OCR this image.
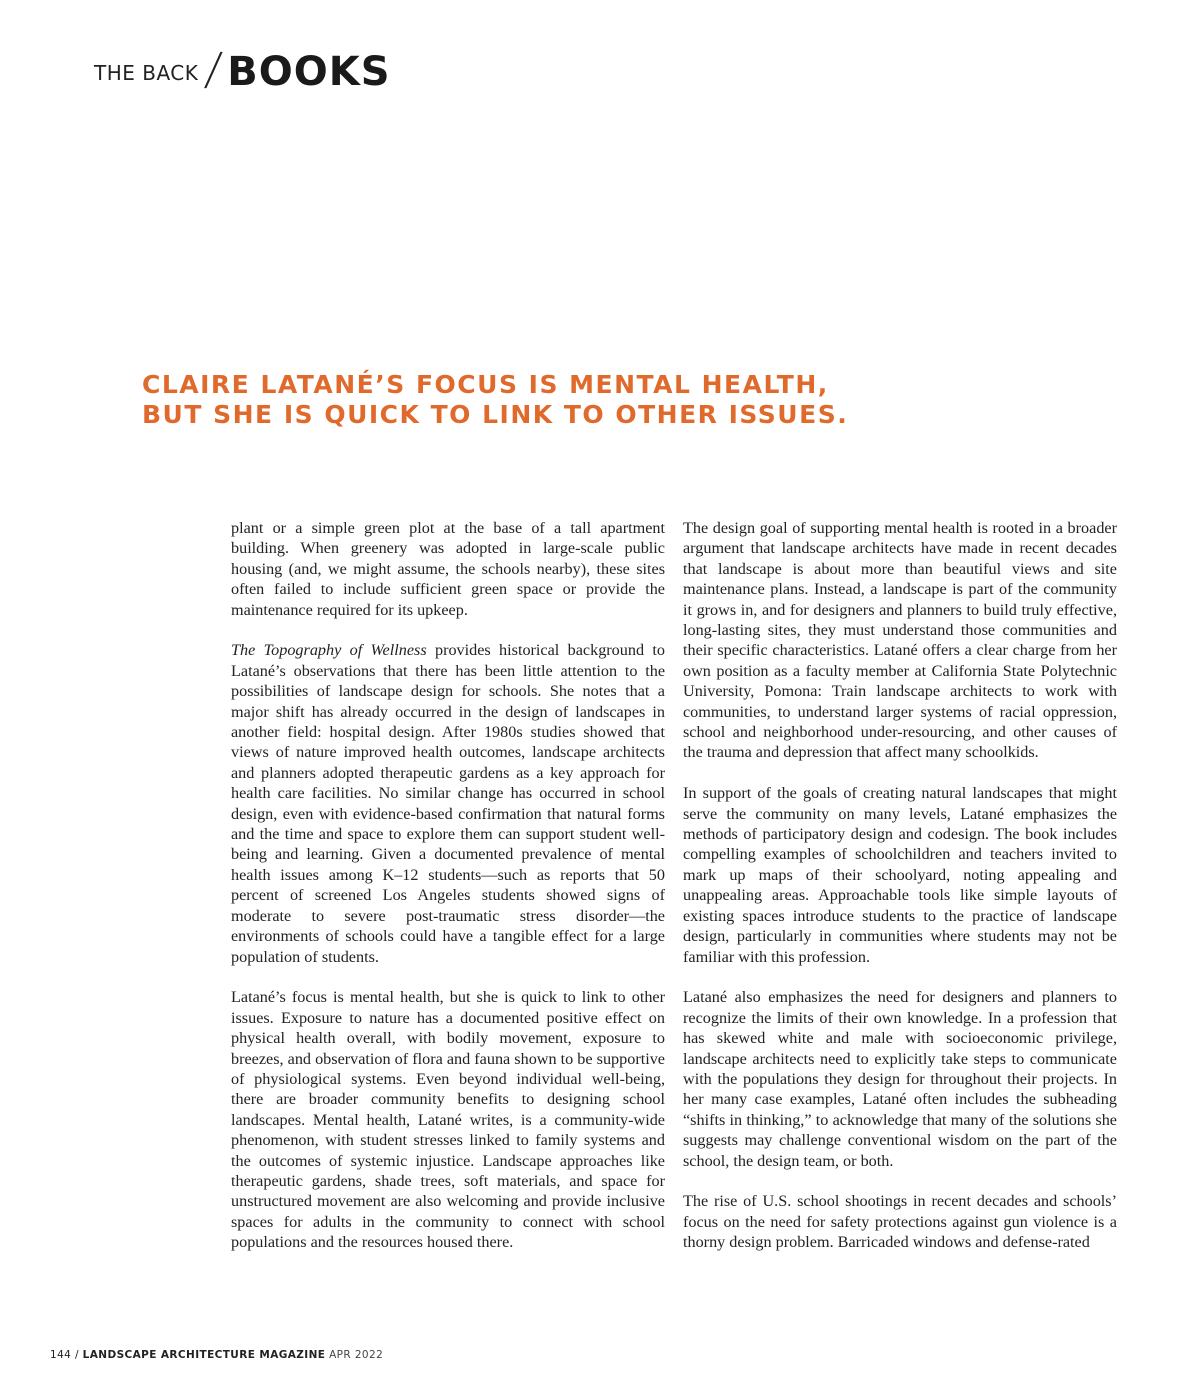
THE BACK / BOOKS
CLAIRE LATANÉ’S FOCUS IS MENTAL HEALTH,
BUT SHE IS QUICK TO LINK TO OTHER ISSUES.

plant or a simple green plot at the base of a tall apartment building. When greenery was adopted in large-scale public housing (and, we might assume, the schools nearby), these sites often failed to include sufficient green space or provide the maintenance required for its upkeep.

The Topography of Wellness provides historical background to Latané’s observations that there has been little attention to the possibilities of landscape design for schools. She notes that a major shift has already occurred in the design of landscapes in another field: hospital design. After 1980s studies showed that views of nature improved health outcomes, landscape architects and planners adopted therapeutic gardens as a key approach for health care facilities. No similar change has occurred in school design, even with evidence-based confirmation that natural forms and the time and space to explore them can support student well-being and learning. Given a documented prevalence of mental health issues among K–12 students—such as reports that 50 percent of screened Los Angeles students showed signs of moderate to severe post-traumatic stress disorder—the environments of schools could have a tangible effect for a large population of students.

Latané’s focus is mental health, but she is quick to link to other issues. Exposure to nature has a documented positive effect on physical health overall, with bodily movement, exposure to breezes, and observation of flora and fauna shown to be supportive of physiological systems. Even beyond individual well-being, there are broader community benefits to designing school landscapes. Mental health, Latané writes, is a community-wide phenomenon, with student stresses linked to family systems and the outcomes of systemic injustice. Landscape approaches like therapeutic gardens, shade trees, soft materials, and space for unstructured movement are also welcoming and provide inclusive spaces for adults in the community to connect with school populations and the resources housed there.

The design goal of supporting mental health is rooted in a broader argument that landscape architects have made in recent decades that landscape is about more than beautiful views and site maintenance plans. Instead, a landscape is part of the community it grows in, and for designers and planners to build truly effective, long-lasting sites, they must understand those communities and their specific characteristics. Latané offers a clear charge from her own position as a faculty member at California State Polytechnic University, Pomona: Train landscape architects to work with communities, to understand larger systems of racial oppression, school and neighborhood under-resourcing, and other causes of the trauma and depression that affect many schoolkids.

In support of the goals of creating natural landscapes that might serve the community on many levels, Latané emphasizes the methods of participatory design and codesign. The book includes compelling examples of schoolchildren and teachers invited to mark up maps of their schoolyard, noting appealing and unappealing areas. Approachable tools like simple layouts of existing spaces introduce students to the practice of landscape design, particularly in communities where students may not be familiar with this profession.

Latané also emphasizes the need for designers and planners to recognize the limits of their own knowledge. In a profession that has skewed white and male with socioeconomic privilege, landscape architects need to explicitly take steps to communicate with the populations they design for throughout their projects. In her many case examples, Latané often includes the subheading “shifts in thinking,” to acknowledge that many of the solutions she suggests may challenge conventional wisdom on the part of the school, the design team, or both.

The rise of U.S. school shootings in recent decades and schools’ focus on the need for safety protections against gun violence is a thorny design problem. Barricaded windows and defense-rated

144 / LANDSCAPE ARCHITECTURE MAGAZINE APR 2022
